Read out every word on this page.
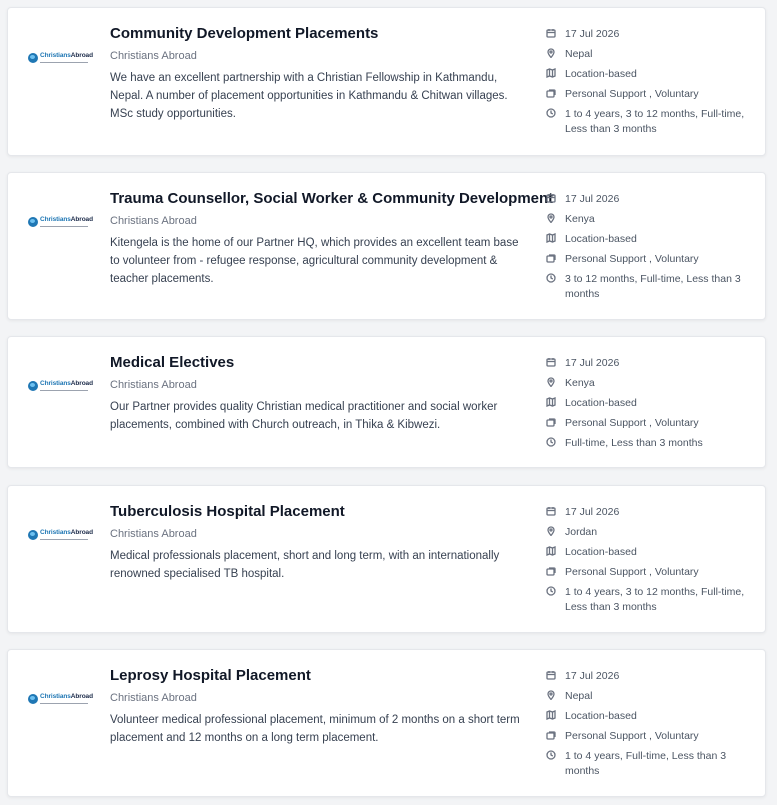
ChristiansAbroad
Community Development Placements
Christians Abroad
We have an excellent partnership with a Christian Fellowship in Kathmandu, Nepal. A number of placement opportunities in Kathmandu & Chitwan villages. MSc study opportunities.
17 Jul 2026
Nepal
Location-based
Personal Support , Voluntary
1 to 4 years, 3 to 12 months, Full-time, Less than 3 months
ChristiansAbroad
Trauma Counsellor, Social Worker & Community Development
Christians Abroad
Kitengela is the home of our Partner HQ, which provides an excellent team base to volunteer from - refugee response, agricultural community development & teacher placements.
17 Jul 2026
Kenya
Location-based
Personal Support , Voluntary
3 to 12 months, Full-time, Less than 3 months
ChristiansAbroad
Medical Electives
Christians Abroad
Our Partner provides quality Christian medical practitioner and social worker placements, combined with Church outreach, in Thika & Kibwezi.
17 Jul 2026
Kenya
Location-based
Personal Support , Voluntary
Full-time, Less than 3 months
ChristiansAbroad
Tuberculosis Hospital Placement
Christians Abroad
Medical professionals placement, short and long term, with an internationally renowned specialised TB hospital.
17 Jul 2026
Jordan
Location-based
Personal Support , Voluntary
1 to 4 years, 3 to 12 months, Full-time, Less than 3 months
ChristiansAbroad
Leprosy Hospital Placement
Christians Abroad
Volunteer medical professional placement, minimum of 2 months on a short term placement and 12 months on a long term placement.
17 Jul 2026
Nepal
Location-based
Personal Support , Voluntary
1 to 4 years, Full-time, Less than 3 months
